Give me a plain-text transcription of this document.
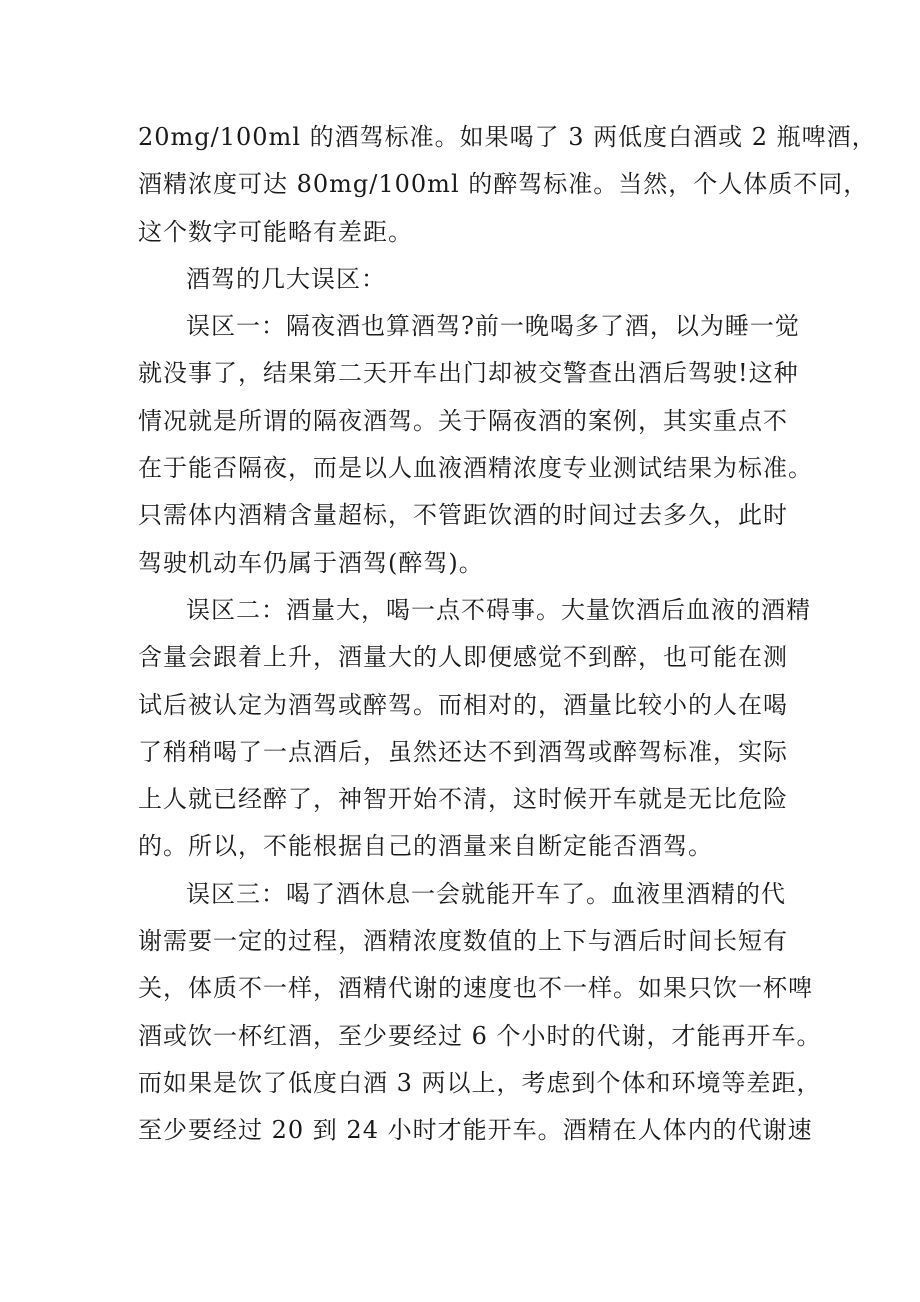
20mg/100ml 的酒驾标准。如果喝了 3 两低度白酒或 2 瓶啤酒，
酒精浓度可达 80mg/100ml 的醉驾标准。当然，个人体质不同，
这个数字可能略有差距。

酒驾的几大误区：

误区一：隔夜酒也算酒驾?前一晚喝多了酒，以为睡一觉
就没事了，结果第二天开车出门却被交警查出酒后驾驶!这种
情况就是所谓的隔夜酒驾。关于隔夜酒的案例，其实重点不
在于能否隔夜，而是以人血液酒精浓度专业测试结果为标准。
只需体内酒精含量超标，不管距饮酒的时间过去多久，此时
驾驶机动车仍属于酒驾(醉驾)。

误区二：酒量大，喝一点不碍事。大量饮酒后血液的酒精
含量会跟着上升，酒量大的人即便感觉不到醉，也可能在测
试后被认定为酒驾或醉驾。而相对的，酒量比较小的人在喝
了稍稍喝了一点酒后，虽然还达不到酒驾或醉驾标准，实际
上人就已经醉了，神智开始不清，这时候开车就是无比危险
的。所以，不能根据自己的酒量来自断定能否酒驾。

误区三：喝了酒休息一会就能开车了。血液里酒精的代
谢需要一定的过程，酒精浓度数值的上下与酒后时间长短有
关，体质不一样，酒精代谢的速度也不一样。如果只饮一杯啤
酒或饮一杯红酒，至少要经过 6 个小时的代谢，才能再开车。
而如果是饮了低度白酒 3 两以上，考虑到个体和环境等差距，
至少要经过 20 到 24 小时才能开车。酒精在人体内的代谢速
